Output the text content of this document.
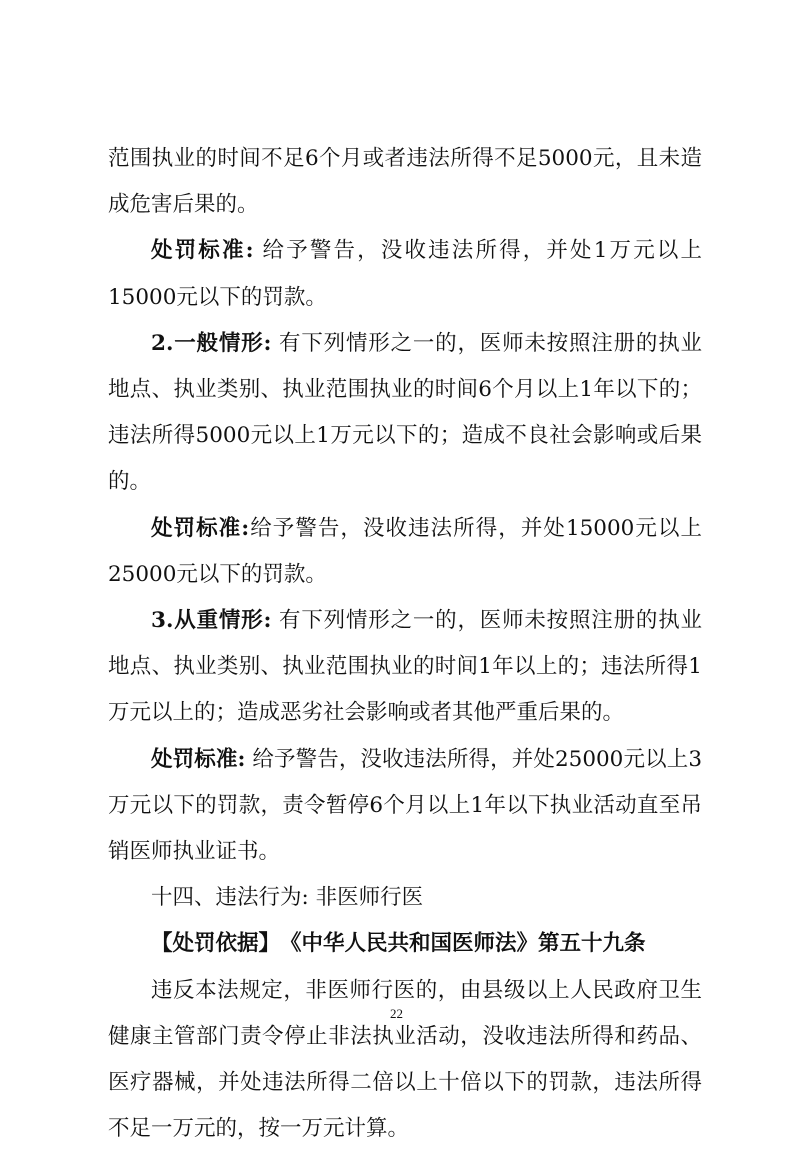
范围执业的时间不足6个月或者违法所得不足5000元，且未造成危害后果的。

处罚标准: 给予警告，没收违法所得，并处1万元以上15000元以下的罚款。

2.一般情形: 有下列情形之一的，医师未按照注册的执业地点、执业类别、执业范围执业的时间6个月以上1年以下的；违法所得5000元以上1万元以下的；造成不良社会影响或后果的。

处罚标准:给予警告，没收违法所得，并处15000元以上25000元以下的罚款。

3.从重情形: 有下列情形之一的，医师未按照注册的执业地点、执业类别、执业范围执业的时间1年以上的；违法所得1万元以上的；造成恶劣社会影响或者其他严重后果的。

处罚标准: 给予警告，没收违法所得，并处25000元以上3万元以下的罚款，责令暂停6个月以上1年以下执业活动直至吊销医师执业证书。

十四、违法行为: 非医师行医

【处罚依据】　《中华人民共和国医师法》第五十九条

违反本法规定，非医师行医的，由县级以上人民政府卫生健康主管部门责令停止非法执业活动，没收违法所得和药品、医疗器械，并处违法所得二倍以上十倍以下的罚款，违法所得不足一万元的，按一万元计算。

22
